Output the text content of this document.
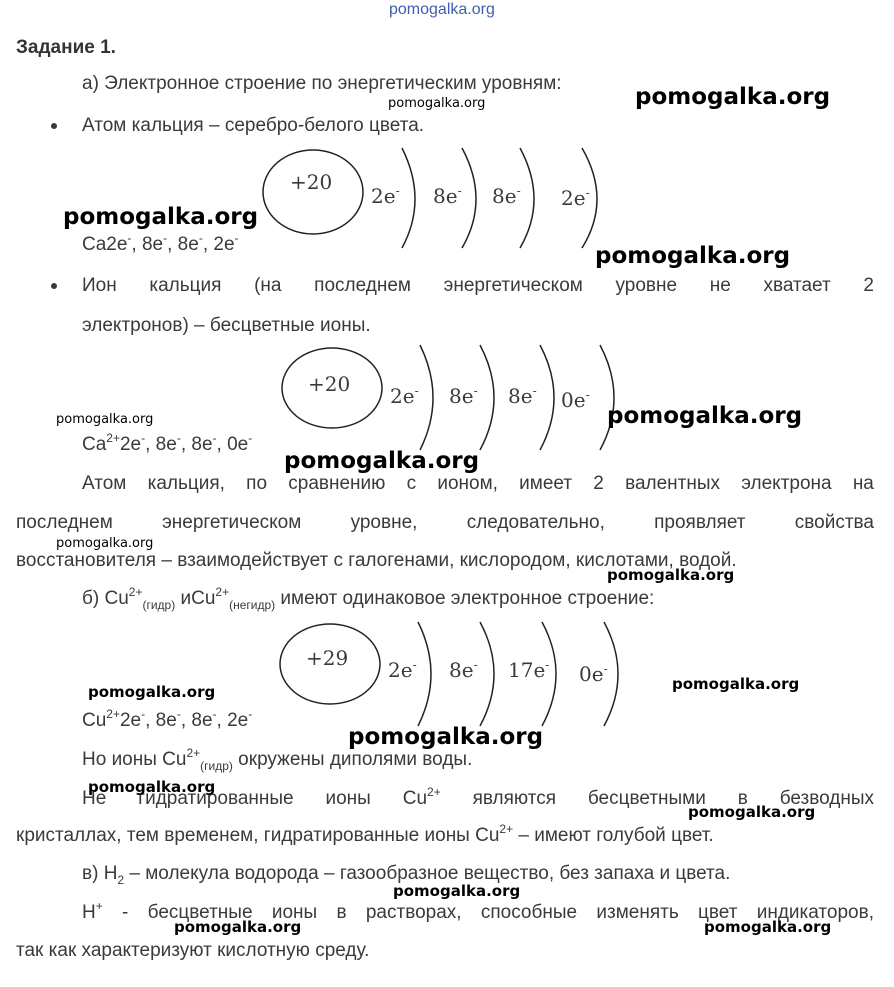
pomogalka.org
Задание 1.
а) Электронное строение по энергетическим уровням:
Атом кальция – серебро-белого цвета.
+20
2e- 8e- 8e- 2e-
Ca2e-, 8e-, 8e-, 2e-
Ион кальция (на последнем энергетическом уровне не хватает 2
электронов) – бесцветные ионы.
+20 2e- 8e- 8e- 0e-
$Ca^{2+}2e^-$, 8e-, 8e-, 0e-
Атом кальция, по сравнению с ионом, имеет 2 валентных электрона на
последнем	энергетическом	уровне,	следовательно,	проявляет	свойства
восстановителя – взаимодействует с галогенами, кислородом, кислотами, водой.
б) $Cu^{2+}_{(гидр)}$ иCu$^{2+}_{(негидр)}$ имеют одинаковое электронное строение:
+29 2e- 8e- 17e- 0e-
$Cu^{2+}2e^-$, 8e-, 8e-, 2e-
Но ионы $Cu^{2+}_{(гидр)}$ окружены диполями воды.
Не гидратированные ионы $Cu^{2+}$ являются бесцветными в безводных
кристаллах, тем временем, гидратированные ионы $Cu^{2+}$ – имеют голубой цвет.
в) $H_2$ – молекула водорода – газообразное вещество, без запаха и цвета.
H+ - бесцветные ионы в растворах, способные изменять цвет индикаторов,
так как характеризуют кислотную среду.
pomogalka.org
pomogalka.org
pomogalka.org
pomogalka.org
pomogalka.org	pomogalka.org
pomogalka.org
pomogalka.org
pomogalka.org
pomogalka.org	pomogalka.org
pomogalka.org
pomogalka.org
pomogalka.org
pomogalka.org
pomogalka.org	pomogalka.org
